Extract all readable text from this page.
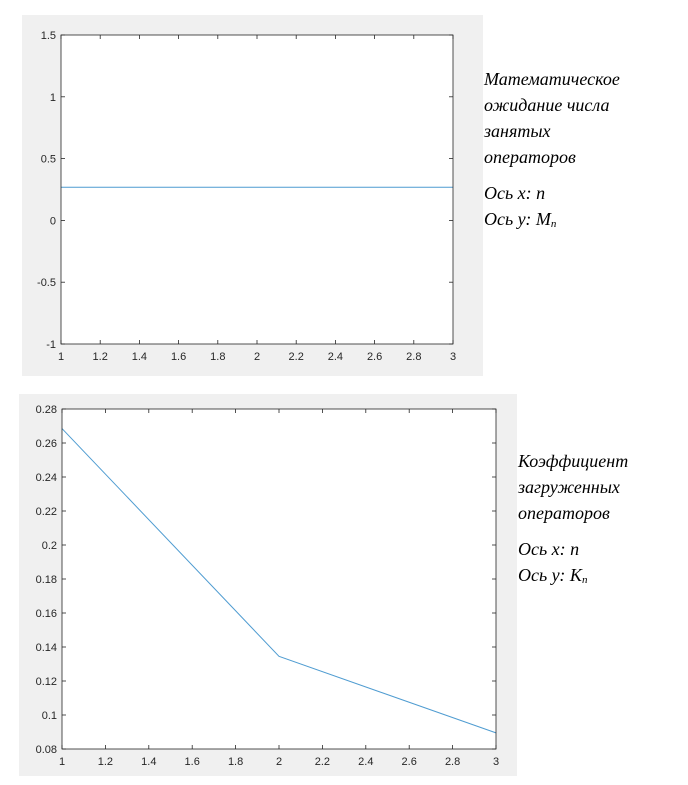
1	1.2 1.4 1.6 1.8	2	2.2 2.4 2.6 2.8	3
-1
-0.5
0
0.5
1
1.5
1	1.2	1.4	1.6	1.8	2	2.2	2.4	2.6	2.8	3
0.08
0.1
0.12
0.14
0.16
0.18
0.2
0.22
0.24
0.26
0.28
Математическое
ожидание числа
занятых
операторов
Ось х: n
Ось у: $M_n$
Коэффициент
загруженных
операторов
Ось х: n
Ось у: $K_n$
